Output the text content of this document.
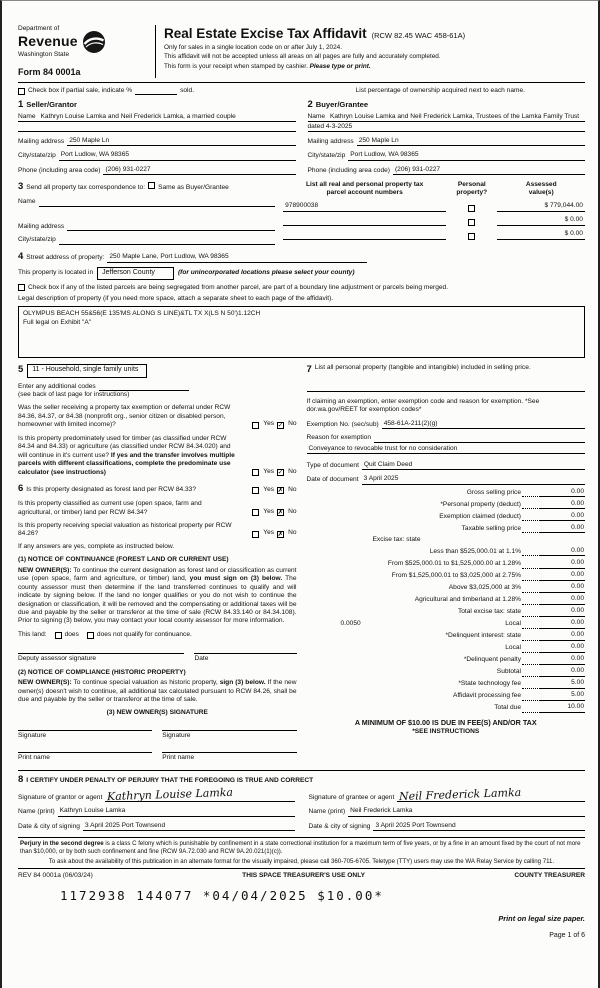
Department of
Revenue
Washington State
Form 84 0001a
Real Estate Excise Tax Affidavit (RCW 82.45 WAC 458-61A)
Only for sales in a single location code on or after July 1, 2024.
This affidavit will not be accepted unless all areas on all pages are fully and accurately completed.
This form is your receipt when stamped by cashier. Please type or print.
Check box if partial sale, indicate %	sold.	List percentage of ownership acquired next to each name.
1 Seller/Grantor
Name Kathryn Louise Lamka and Neil Frederick Lamka, a married couple
Mailing address 250 Maple Ln
City/state/zip Port Ludlow, WA 98365
Phone (including area code) (206) 931-0227
2 Buyer/Grantee
Name Kathryn Louise Lamka and Neil Frederick Lamka, Trustees of the Lamka Family Trust dated 4-3-2025
Mailing address 250 Maple Ln
City/state/zip Port Ludlow, WA 98365
Phone (including area code) (206) 931-0227
3 Send all property tax correspondence to: Same as Buyer/Grantee
Name
Mailing address
City/state/zip
List all real and personal property tax
parcel account numbers
Personal
property?
Assessed
value(s)
978900038	$ 779,044.00
$ 0.00
$ 0.00
4 Street address of property: 250 Maple Lane, Port Ludlow, WA 98365
This property is located in	Jefferson County	(for unincorporated locations please select your county)
Check box if any of the listed parcels are being segregated from another parcel, are part of a boundary line adjustment or parcels being merged.
Legal description of property (if you need more space, attach a separate sheet to each page of the affidavit).
OLYMPUS BEACH 55&56(E 135'MS ALONG S LINE)&TL TX X(LS N 50')1.12CH
Full legal on Exhibit "A"
5	11 - Household, single family units
Enter any additional codes
(see back of last page for instructions)
Was the seller receiving a property tax exemption or deferral under RCW 84.36, 84.37, or 84.38 (nonprofit org., senior citizen or disabled person, homeowner with limited income)?	Yes ✓ No
Is this property predominately used for timber (as classified under RCW 84.34 and 84.33) or agriculture (as classified under RCW 84.34.020) and will continue in it's current use? If yes and the transfer involves multiple parcels with different classifications, complete the predominate use calculator (see instructions)	Yes ✓ No
6 Is this property designated as forest land per RCW 84.33?	Yes ✗ No
Is this property classified as current use (open space, farm and agricultural, or timber) land per RCW 84.34?	Yes ✗ No
Is this property receiving special valuation as historical property per RCW 84.26?	Yes ✗ No
If any answers are yes, complete as instructed below.
(1) NOTICE OF CONTINUANCE (FOREST LAND OR CURRENT USE)
NEW OWNER(S): To continue the current designation as forest land or classification as current use (open space, farm and agriculture, or timber) land, you must sign on (3) below. The county assessor must then determine if the land transferred continues to qualify and will indicate by signing below. If the land no longer qualifies or you do not wish to continue the designation or classification, it will be removed and the compensating or additional taxes will be due and payable by the seller or transferor at the time of sale (RCW 84.33.140 or 84.34.108). Prior to signing (3) below, you may contact your local county assessor for more information.
This land:	does	does not qualify for continuance.
Deputy assessor signature	Date
(2) NOTICE OF COMPLIANCE (HISTORIC PROPERTY)
NEW OWNER(S): To continue special valuation as historic property, sign (3) below. If the new owner(s) doesn't wish to continue, all additional tax calculated pursuant to RCW 84.26, shall be due and payable by the seller or transferor at the time of sale.
(3) NEW OWNER(S) SIGNATURE
Signature	Signature
Print name	Print name
7 List all personal property (tangible and intangible) included in selling price.
If claiming an exemption, enter exemption code and reason for exemption. *See dor.wa.gov/REET for exemption codes*
Exemption No. (sec/sub) 458-61A-211(2)(g)
Reason for exemption
Conveyance to revocable trust for no consideration
Type of document Quit Claim Deed
Date of document 3 April 2025
Gross selling price	0.00
*Personal property (deduct)	0.00
Exemption claimed (deduct)	0.00
Taxable selling price	0.00
Excise tax: state
Less than $525,000.01 at 1.1%	0.00
From $525,000.01 to $1,525,000.00 at 1.28%	0.00
From $1,525,000.01 to $3,025,000 at 2.75%	0.00
Above $3,025,000 at 3%	0.00
Agricultural and timberland at 1.28%	0.00
Total excise tax: state	0.00
0.0050	Local	0.00
*Delinquent interest: state	0.00
Local	0.00
*Delinquent penalty	0.00
Subtotal	0.00
*State technology fee	5.00
Affidavit processing fee	5.00
Total due	10.00
A MINIMUM OF $10.00 IS DUE IN FEE(S) AND/OR TAX
*SEE INSTRUCTIONS
8 I CERTIFY UNDER PENALTY OF PERJURY THAT THE FOREGOING IS TRUE AND CORRECT
Signature of grantor or agent Kathryn Louise Lamka
Name (print) Kathryn Louise Lamka
Date & city of signing 3 April 2025 Port Townsend
Signature of grantee or agent Neil Frederick Lamka
Name (print) Neil Frederick Lamka
Date & city of signing 3 April 2025 Port Townsend
Perjury in the second degree is a class C felony which is punishable by confinement in a state correctional institution for a maximum term of five years, or by a fine in an amount fixed by the court of not more than $10,000, or by both such confinement and fine (RCW 9A.72.030 and RCW 9A.20.021(1)(c)).
To ask about the availability of this publication in an alternate format for the visually impaired, please call 360-705-6705. Teletype (TTY) users may use the WA Relay Service by calling 711.
REV 84 0001a (06/03/24)	THIS SPACE TREASURER'S USE ONLY	COUNTY TREASURER
1172938 144077 *04/04/2025 $10.00*
Print on legal size paper.
Page 1 of 6
